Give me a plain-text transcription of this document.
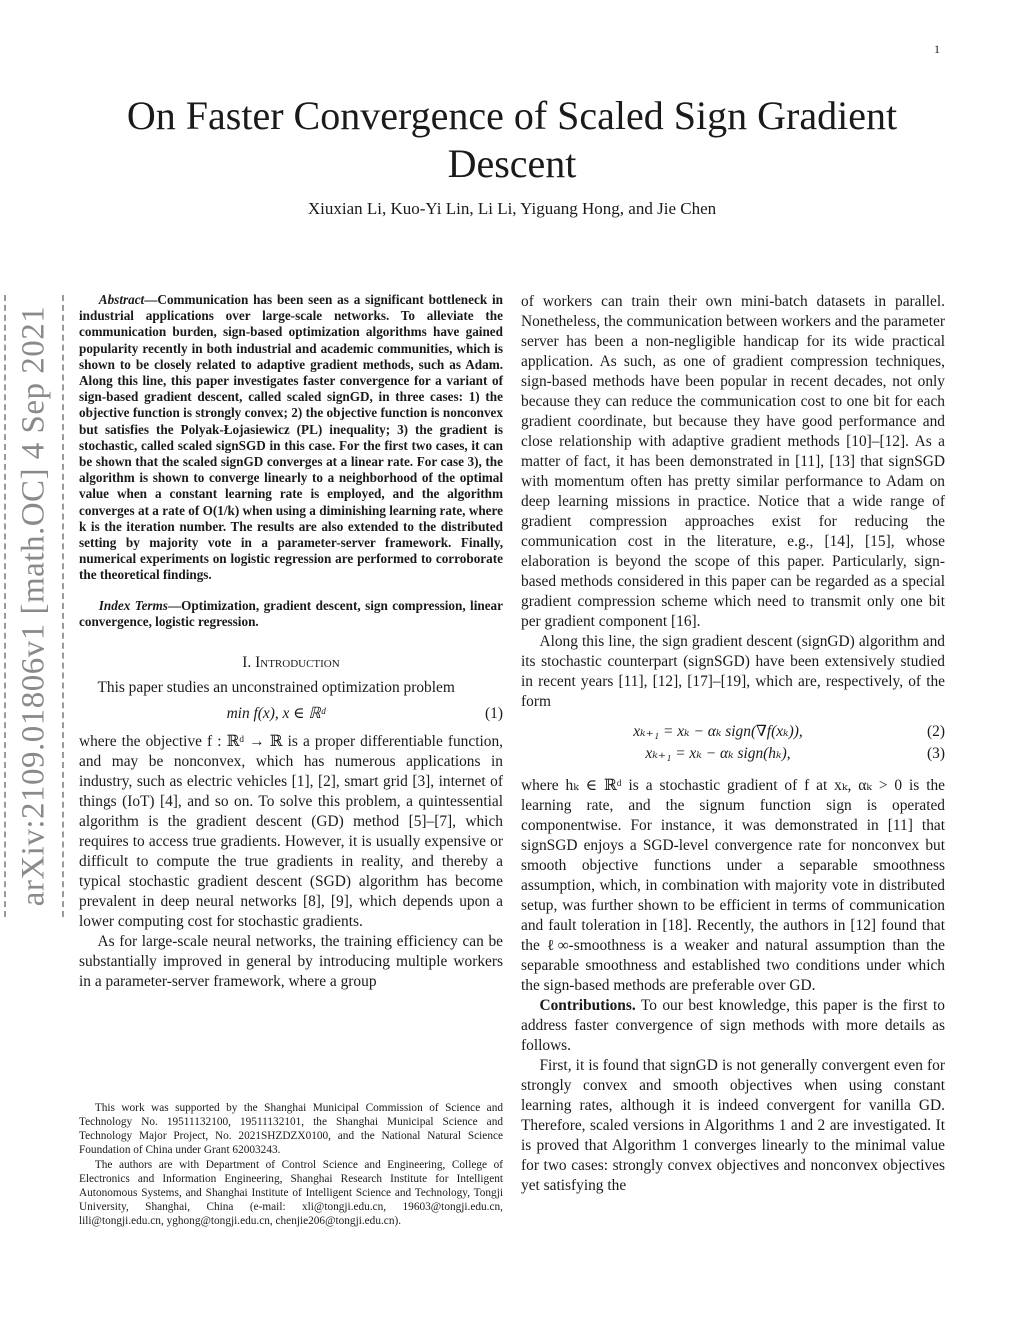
1
arXiv:2109.01806v1 [math.OC] 4 Sep 2021
On Faster Convergence of Scaled Sign Gradient Descent
Xiuxian Li, Kuo-Yi Lin, Li Li, Yiguang Hong, and Jie Chen

Abstract—Communication has been seen as a significant bottleneck in industrial applications over large-scale networks. To alleviate the communication burden, sign-based optimization algorithms have gained popularity recently in both industrial and academic communities, which is shown to be closely related to adaptive gradient methods, such as Adam. Along this line, this paper investigates faster convergence for a variant of sign-based gradient descent, called scaled signGD, in three cases: 1) the objective function is strongly convex; 2) the objective function is nonconvex but satisfies the Polyak-Łojasiewicz (PL) inequality; 3) the gradient is stochastic, called scaled signSGD in this case. For the first two cases, it can be shown that the scaled signGD converges at a linear rate. For case 3), the algorithm is shown to converge linearly to a neighborhood of the optimal value when a constant learning rate is employed, and the algorithm converges at a rate of O(1/k) when using a diminishing learning rate, where k is the iteration number. The results are also extended to the distributed setting by majority vote in a parameter-server framework. Finally, numerical experiments on logistic regression are performed to corroborate the theoretical findings.

Index Terms—Optimization, gradient descent, sign compression, linear convergence, logistic regression.

I. Introduction

This paper studies an unconstrained optimization problem

min f(x), x ∈ ℝᵈ	(1)

where the objective f : ℝᵈ → ℝ is a proper differentiable function, and may be nonconvex, which has numerous applications in industry, such as electric vehicles [1], [2], smart grid [3], internet of things (IoT) [4], and so on. To solve this problem, a quintessential algorithm is the gradient descent (GD) method [5]–[7], which requires to access true gradients. However, it is usually expensive or difficult to compute the true gradients in reality, and thereby a typical stochastic gradient descent (SGD) algorithm has become prevalent in deep neural networks [8], [9], which depends upon a lower computing cost for stochastic gradients.

As for large-scale neural networks, the training efficiency can be substantially improved in general by introducing multiple workers in a parameter-server framework, where a group

This work was supported by the Shanghai Municipal Commission of Science and Technology No. 19511132100, 19511132101, the Shanghai Municipal Science and Technology Major Project, No. 2021SHZDZX0100, and the National Natural Science Foundation of China under Grant 62003243.

The authors are with Department of Control Science and Engineering, College of Electronics and Information Engineering, Shanghai Research Institute for Intelligent Autonomous Systems, and Shanghai Institute of Intelligent Science and Technology, Tongji University, Shanghai, China (e-mail: xli@tongji.edu.cn, 19603@tongji.edu.cn, lili@tongji.edu.cn, yghong@tongji.edu.cn, chenjie206@tongji.edu.cn).

of workers can train their own mini-batch datasets in parallel. Nonetheless, the communication between workers and the parameter server has been a non-negligible handicap for its wide practical application. As such, as one of gradient compression techniques, sign-based methods have been popular in recent decades, not only because they can reduce the communication cost to one bit for each gradient coordinate, but because they have good performance and close relationship with adaptive gradient methods [10]–[12]. As a matter of fact, it has been demonstrated in [11], [13] that signSGD with momentum often has pretty similar performance to Adam on deep learning missions in practice. Notice that a wide range of gradient compression approaches exist for reducing the communication cost in the literature, e.g., [14], [15], whose elaboration is beyond the scope of this paper. Particularly, sign-based methods considered in this paper can be regarded as a special gradient compression scheme which need to transmit only one bit per gradient component [16].

Along this line, the sign gradient descent (signGD) algorithm and its stochastic counterpart (signSGD) have been extensively studied in recent years [11], [12], [17]–[19], which are, respectively, of the form

xₖ₊₁ = xₖ − αₖ sign(∇f(xₖ)),	(2)
xₖ₊₁ = xₖ − αₖ sign(hₖ),	(3)

where hₖ ∈ ℝᵈ is a stochastic gradient of f at xₖ, αₖ > 0 is the learning rate, and the signum function sign is operated componentwise. For instance, it was demonstrated in [11] that signSGD enjoys a SGD-level convergence rate for nonconvex but smooth objective functions under a separable smoothness assumption, which, in combination with majority vote in distributed setup, was further shown to be efficient in terms of communication and fault toleration in [18]. Recently, the authors in [12] found that the ℓ∞-smoothness is a weaker and natural assumption than the separable smoothness and established two conditions under which the sign-based methods are preferable over GD.

Contributions. To our best knowledge, this paper is the first to address faster convergence of sign methods with more details as follows.

First, it is found that signGD is not generally convergent even for strongly convex and smooth objectives when using constant learning rates, although it is indeed convergent for vanilla GD. Therefore, scaled versions in Algorithms 1 and 2 are investigated. It is proved that Algorithm 1 converges linearly to the minimal value for two cases: strongly convex objectives and nonconvex objectives yet satisfying the
